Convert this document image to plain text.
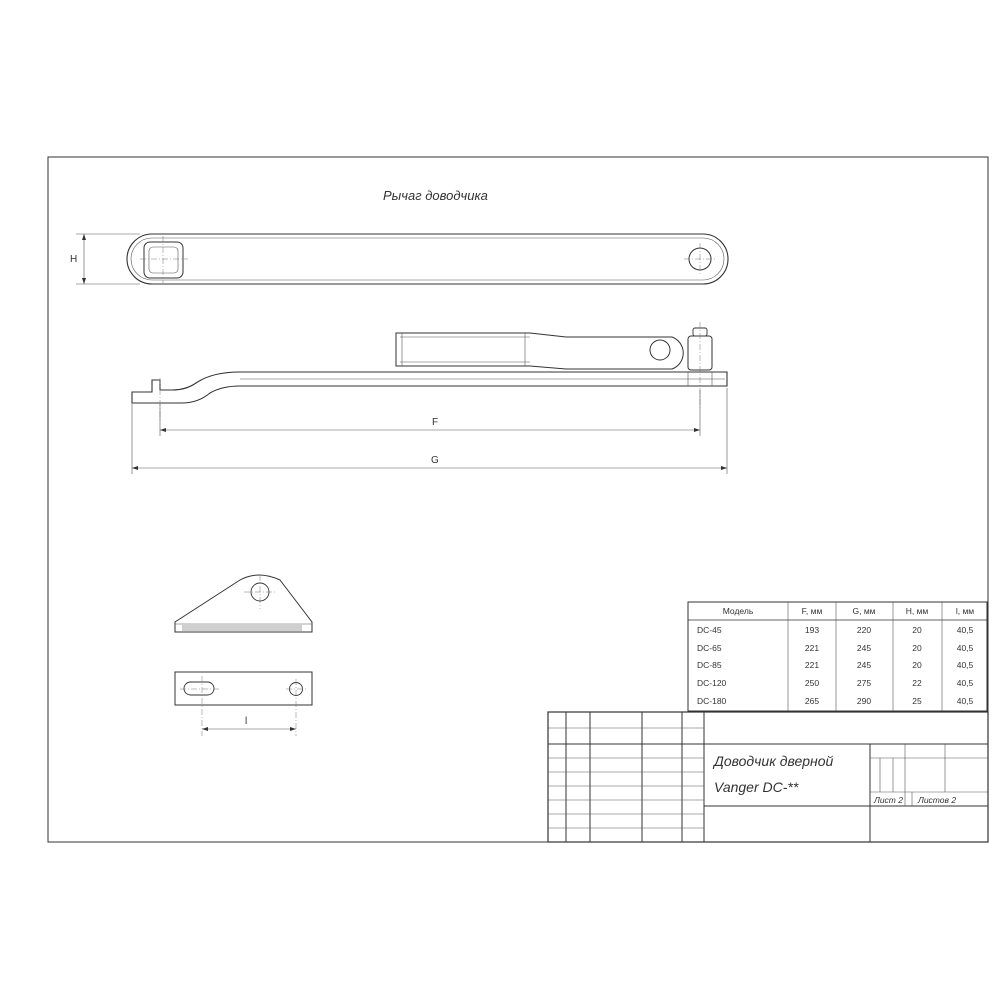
Рычаг доводчика
H
F
G
l
Модель	F, мм	G, мм	H, мм	l, мм
DC-45	193	220	20	40,5
DC-65	221	245	20	40,5
DC-85	221	245	20	40,5
DC-120	250	275	22	40,5
DC-180	265	290	25	40,5
Доводчик дверной
Vanger DC-**
Лист 2 Листов 2
